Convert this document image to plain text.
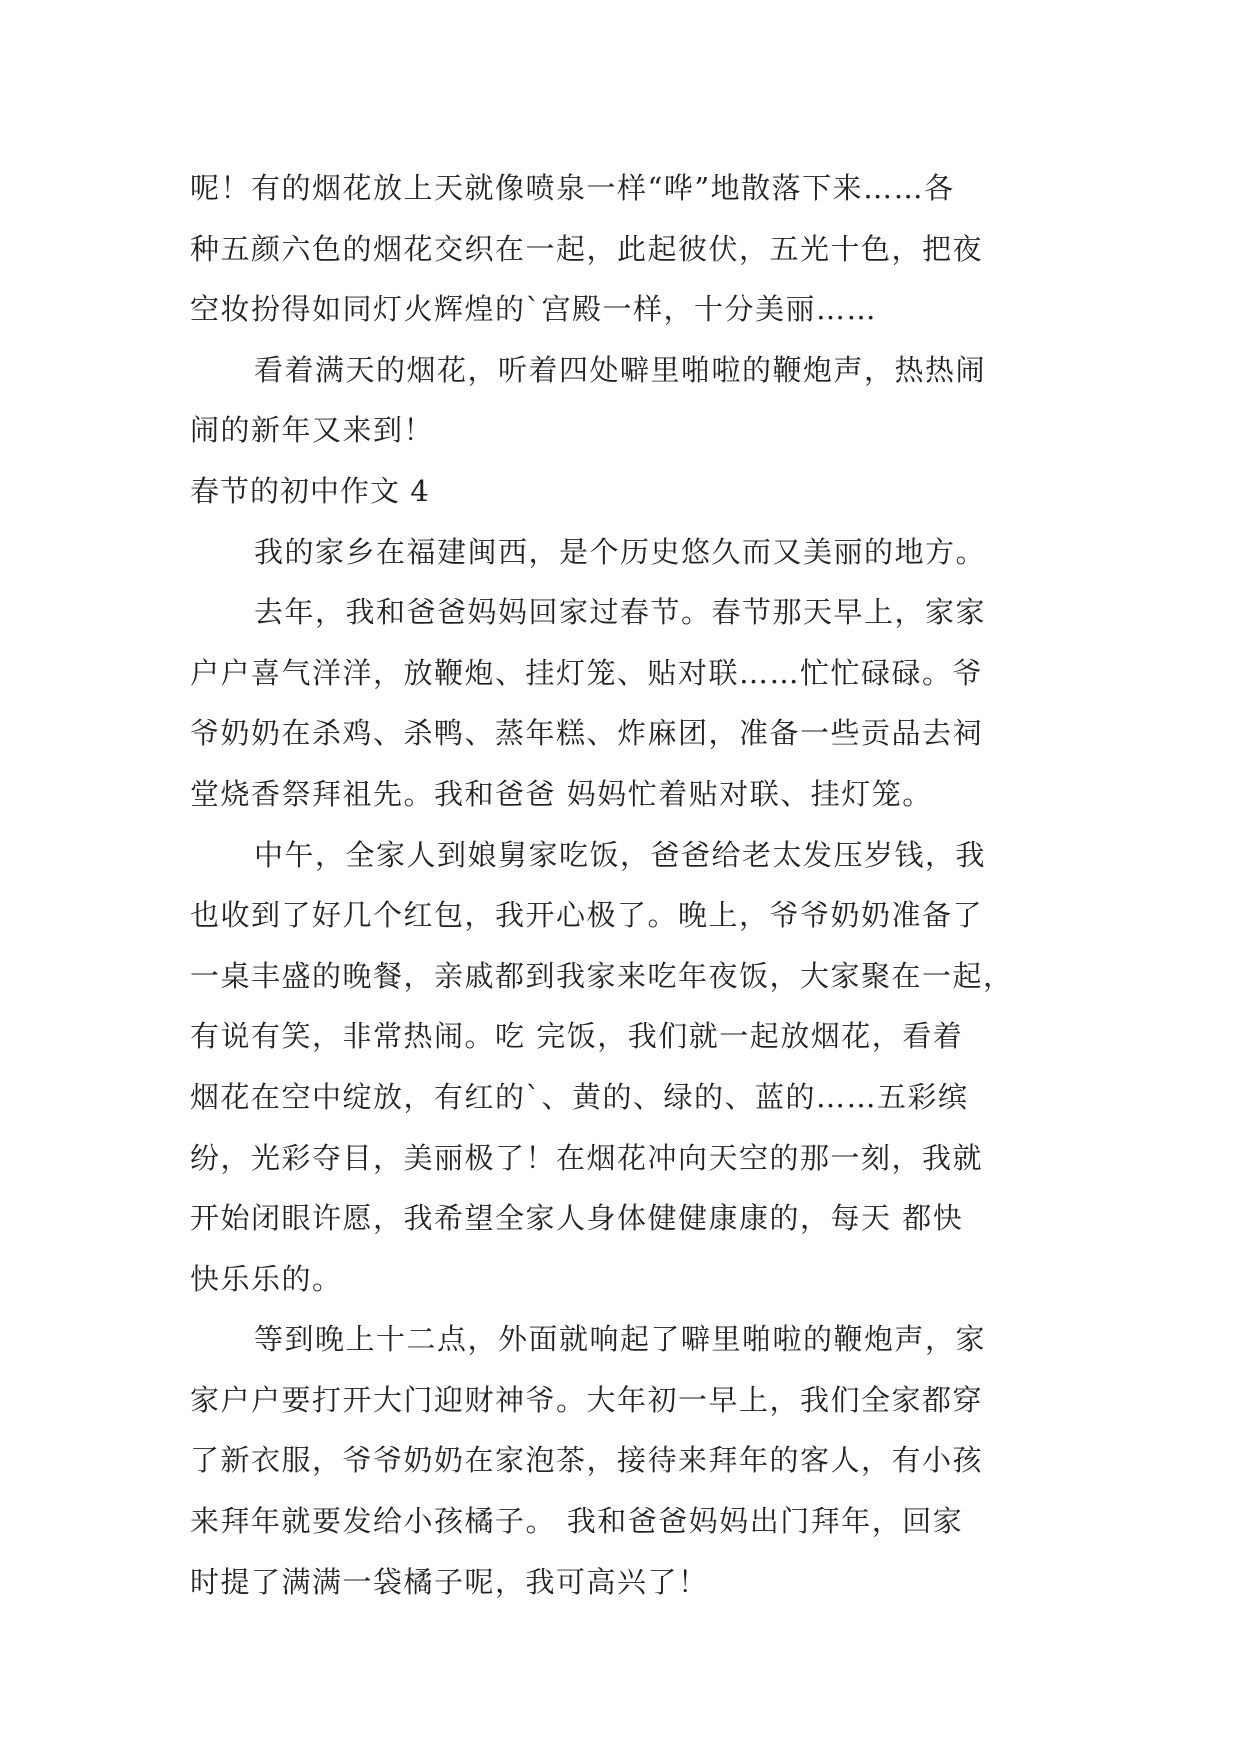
呢！有的烟花放上天就像喷泉一样“哗”地散落下来……各
种五颜六色的烟花交织在一起，此起彼伏，五光十色，把夜
空妆扮得如同灯火辉煌的`宫殿一样，十分美丽……
看着满天的烟花，听着四处噼里啪啦的鞭炮声，热热闹
闹的新年又来到！
春节的初中作文 4
我的家乡在福建闽西，是个历史悠久而又美丽的地方。
去年，我和爸爸妈妈回家过春节。春节那天早上，家家
户户喜气洋洋，放鞭炮、挂灯笼、贴对联……忙忙碌碌。爷
爷奶奶在杀鸡、杀鸭、蒸年糕、炸麻团，准备一些贡品去祠
堂烧香祭拜祖先。我和爸爸 妈妈忙着贴对联、挂灯笼。
中午，全家人到娘舅家吃饭，爸爸给老太发压岁钱，我
也收到了好几个红包，我开心极了。晚上，爷爷奶奶准备了
一桌丰盛的晚餐，亲戚都到我家来吃年夜饭，大家聚在一起，
有说有笑，非常热闹。吃 完饭，我们就一起放烟花，看着
烟花在空中绽放，有红的`、黄的、绿的、蓝的……五彩缤
纷，光彩夺目，美丽极了！在烟花冲向天空的那一刻，我就
开始闭眼许愿，我希望全家人身体健健康康的，每天 都快
快乐乐的。
等到晚上十二点，外面就响起了噼里啪啦的鞭炮声，家
家户户要打开大门迎财神爷。大年初一早上，我们全家都穿
了新衣服，爷爷奶奶在家泡茶，接待来拜年的客人，有小孩
来拜年就要发给小孩橘子。 我和爸爸妈妈出门拜年，回家
时提了满满一袋橘子呢，我可高兴了！
